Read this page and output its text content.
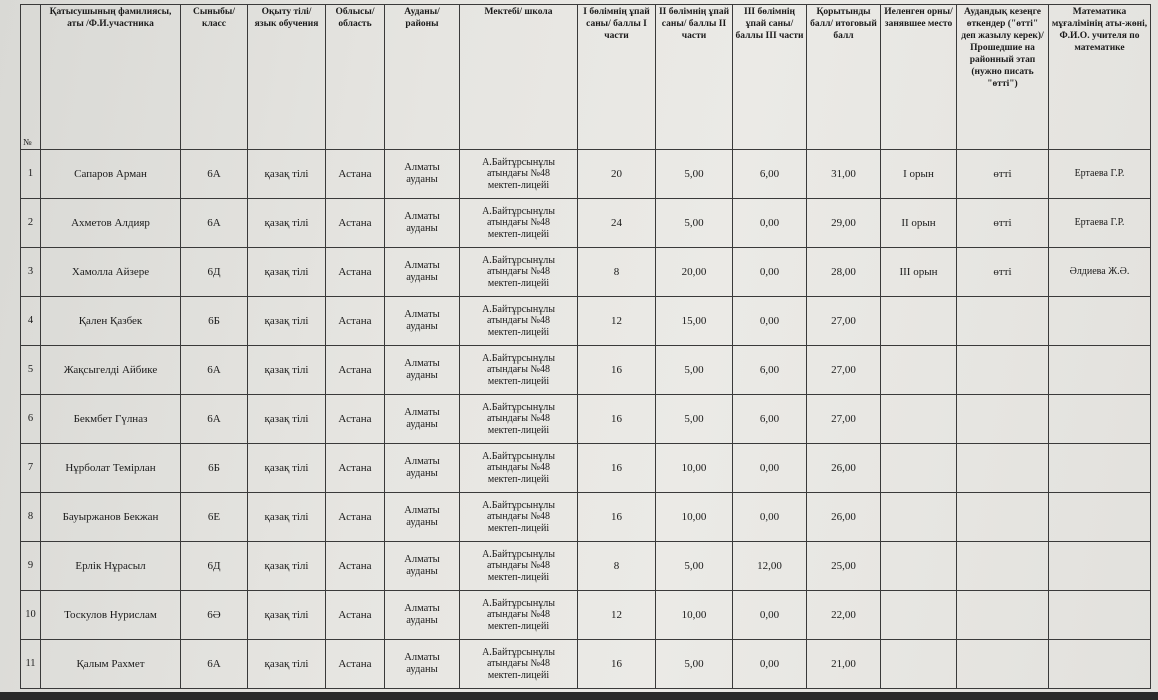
№	Қатысушының фамилиясы, аты /Ф.И.участника	Сыныбы/ класс	Оқыту тілі/ язык обучения	Облысы/ область	Ауданы/ районы	Мектебі/ школа	І бөлімнің ұпай саны/ баллы І части	ІІ бөлімнің ұпай саны/ баллы ІІ части	ІІІ бөлімнің ұпай саны/ баллы ІІІ части	Қорытынды балл/ итоговый балл	Иеленген орны/ занявшее место	Аудандық кезеңге өткендер ("өтті" деп жазылу керек)/ Прошедшие на районный этап (нужно писать "өтті")	Математика мұғалімінің аты-жөні, Ф.И.О. учителя по математике
1	Сапаров Арман	6А	қазақ тілі	Астана	Алматы
ауданы	А.Байтұрсынұлы
атындағы №48
мектеп-лицейі	20	5,00	6,00	31,00	І орын	өтті	Ертаева Г.Р.
2	Ахметов Алдияр	6А	қазақ тілі	Астана	Алматы
ауданы	А.Байтұрсынұлы
атындағы №48
мектеп-лицейі	24	5,00	0,00	29,00	ІІ орын	өтті	Ертаева Г.Р.
3	Хамолла Айзере	6Д	қазақ тілі	Астана	Алматы
ауданы	А.Байтұрсынұлы
атындағы №48
мектеп-лицейі	8	20,00	0,00	28,00	ІІІ орын	өтті	Әлдиева Ж.Ә.
4	Қален Қазбек	6Б	қазақ тілі	Астана	Алматы
ауданы	А.Байтұрсынұлы
атындағы №48
мектеп-лицейі	12	15,00	0,00	27,00			
5	Жақсыгелді Айбике	6А	қазақ тілі	Астана	Алматы
ауданы	А.Байтұрсынұлы
атындағы №48
мектеп-лицейі	16	5,00	6,00	27,00			
6	Бекмбет Гүлназ	6А	қазақ тілі	Астана	Алматы
ауданы	А.Байтұрсынұлы
атындағы №48
мектеп-лицейі	16	5,00	6,00	27,00			
7	Нұрболат Темірлан	6Б	қазақ тілі	Астана	Алматы
ауданы	А.Байтұрсынұлы
атындағы №48
мектеп-лицейі	16	10,00	0,00	26,00			
8	Бауыржанов Бекжан	6Е	қазақ тілі	Астана	Алматы
ауданы	А.Байтұрсынұлы
атындағы №48
мектеп-лицейі	16	10,00	0,00	26,00			
9	Ерлік Нұрасыл	6Д	қазақ тілі	Астана	Алматы
ауданы	А.Байтұрсынұлы
атындағы №48
мектеп-лицейі	8	5,00	12,00	25,00			
10	Тоскулов Нурислам	6Ә	қазақ тілі	Астана	Алматы
ауданы	А.Байтұрсынұлы
атындағы №48
мектеп-лицейі	12	10,00	0,00	22,00			
11	Қалым Рахмет	6А	қазақ тілі	Астана	Алматы
ауданы	А.Байтұрсынұлы
атындағы №48
мектеп-лицейі	16	5,00	0,00	21,00			
